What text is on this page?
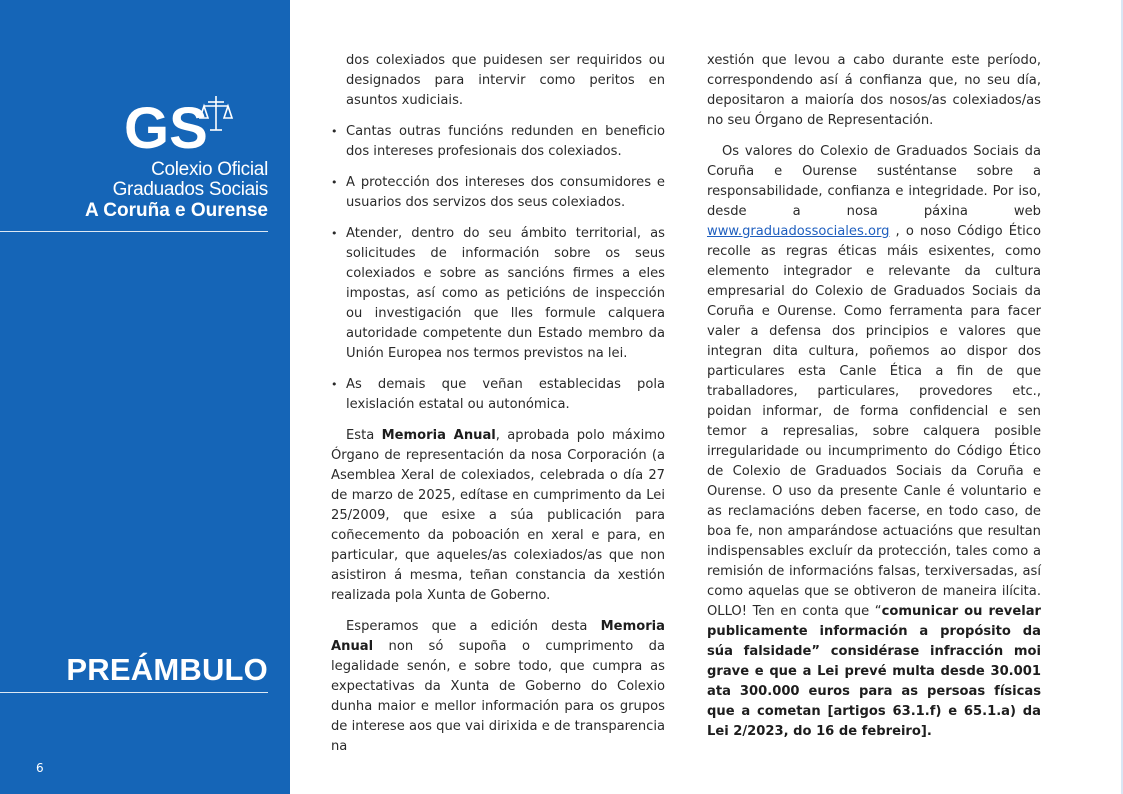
GS
Colexio Oficial
Graduados Sociais
A Coruña e Ourense
PREÁMBULO
6

dos colexiados que puidesen ser requiridos ou designados para intervir como peritos en asuntos xudiciais.

• Cantas outras funcións redunden en beneficio dos intereses profesionais dos colexiados.
• A protección dos intereses dos consumidores e usuarios dos servizos dos seus colexiados.
• Atender, dentro do seu ámbito territorial, as solicitudes de información sobre os seus colexiados e sobre as sancións firmes a eles impostas, así como as peticións de inspección ou investigación que lles formule calquera autoridade competente dun Estado membro da Unión Europea nos termos previstos na lei.
• As demais que veñan establecidas pola lexislación estatal ou autonómica.

Esta Memoria Anual, aprobada polo máximo Órgano de representación da nosa Corporación (a Asemblea Xeral de colexiados, celebrada o día 27 de marzo de 2025, edítase en cumprimento da Lei 25/2009, que esixe a súa publicación para coñecemento da poboación en xeral e para, en particular, que aqueles/as colexiados/as que non asistiron á mesma, teñan constancia da xestión realizada pola Xunta de Goberno.

Esperamos que a edición desta Memoria Anual non só supoña o cumprimento da legalidade senón, e sobre todo, que cumpra as expectativas da Xunta de Goberno do Colexio dunha maior e mellor información para os grupos de interese aos que vai dirixida e de transparencia na

xestión que levou a cabo durante este período, correspondendo así á confianza que, no seu día, depositaron a maioría dos nosos/as colexiados/as no seu Órgano de Representación.

Os valores do Colexio de Graduados Sociais da Coruña e Ourense susténtanse sobre a responsabilidade, confianza e integridade. Por iso, desde a nosa páxina web www.graduadossociales.org , o noso Código Ético recolle as regras éticas máis esixentes, como elemento integrador e relevante da cultura empresarial do Colexio de Graduados Sociais da Coruña e Ourense. Como ferramenta para facer valer a defensa dos principios e valores que integran dita cultura, poñemos ao dispor dos particulares esta Canle Ética a fin de que traballadores, particulares, provedores etc., poidan informar, de forma confidencial e sen temor a represalias, sobre calquera posible irregularidade ou incumprimento do Código Ético de Colexio de Graduados Sociais da Coruña e Ourense. O uso da presente Canle é voluntario e as reclamacións deben facerse, en todo caso, de boa fe, non amparándose actuacións que resultan indispensables excluír da protección, tales como a remisión de informacións falsas, terxiversadas, así como aquelas que se obtiveron de maneira ilícita. OLLO! Ten en conta que “comunicar ou revelar publicamente información a propósito da súa falsidade” considérase infracción moi grave e que a Lei prevé multa desde 30.001 ata 300.000 euros para as persoas físicas que a cometan [artigos 63.1.f) e 65.1.a) da Lei 2/2023, do 16 de febreiro].
